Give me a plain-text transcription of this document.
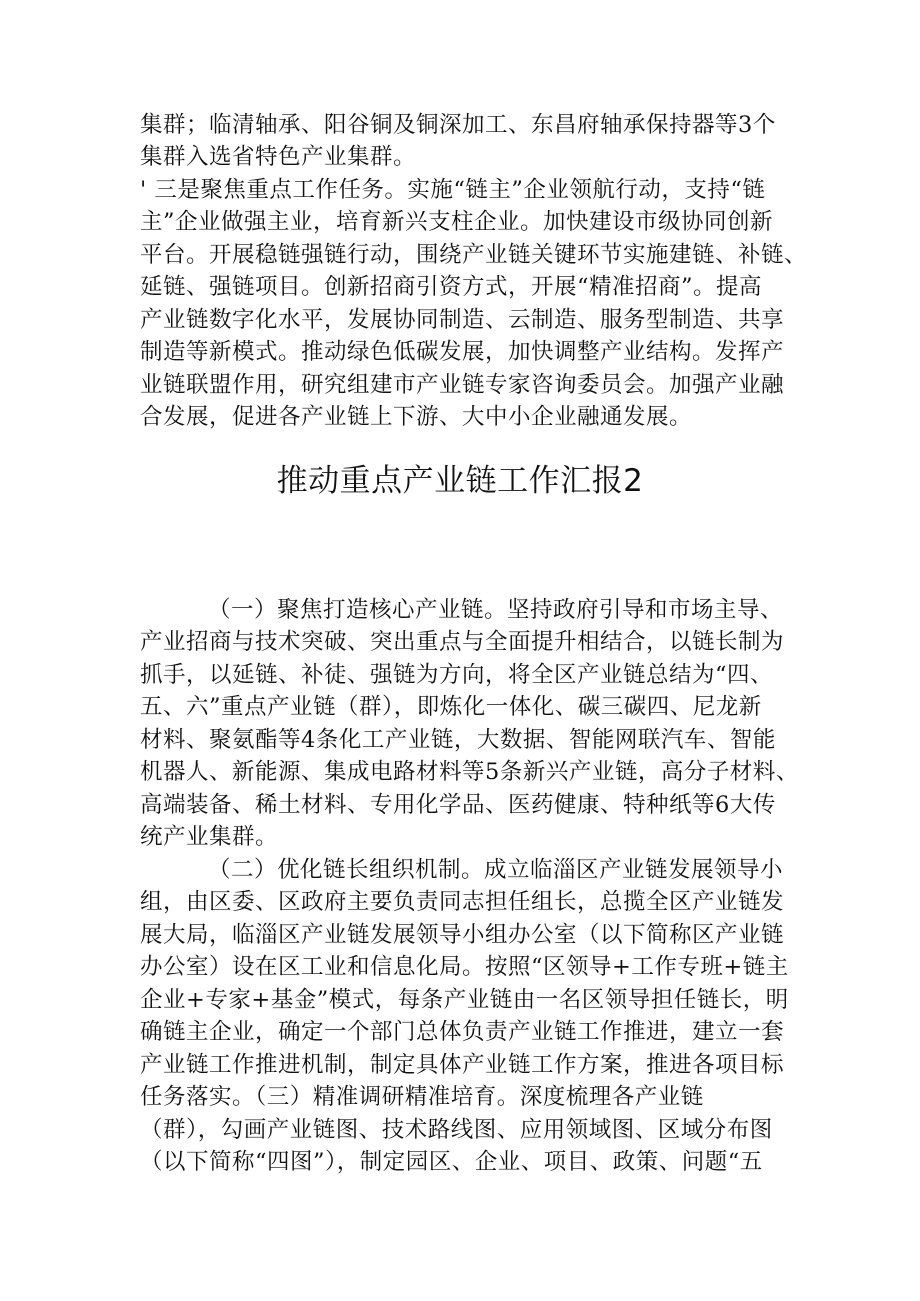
集群；临清轴承、阳谷铜及铜深加工、东昌府轴承保持器等3个
集群入选省特色产业集群。
' 三是聚焦重点工作任务。实施“链主”企业领航行动，支持“链
主”企业做强主业，培育新兴支柱企业。加快建设市级协同创新
平台。开展稳链强链行动，围绕产业链关键环节实施建链、补链、
延链、强链项目。创新招商引资方式，开展“精准招商”。提高
产业链数字化水平，发展协同制造、云制造、服务型制造、共享
制造等新模式。推动绿色低碳发展，加快调整产业结构。发挥产
业链联盟作用，研究组建市产业链专家咨询委员会。加强产业融
合发展，促进各产业链上下游、大中小企业融通发展。
推动重点产业链工作汇报2
（一）聚焦打造核心产业链。坚持政府引导和市场主导、
产业招商与技术突破、突出重点与全面提升相结合，以链长制为
抓手，以延链、补徒、强链为方向，将全区产业链总结为“四、
五、六”重点产业链（群），即炼化一体化、碳三碳四、尼龙新
材料、聚氨酯等4条化工产业链，大数据、智能网联汽车、智能
机器人、新能源、集成电路材料等5条新兴产业链，高分子材料、
高端装备、稀土材料、专用化学品、医药健康、特种纸等6大传
统产业集群。
（二）优化链长组织机制。成立临淄区产业链发展领导小
组，由区委、区政府主要负责同志担任组长，总揽全区产业链发
展大局，临淄区产业链发展领导小组办公室（以下简称区产业链
办公室）设在区工业和信息化局。按照“区领导+工作专班+链主
企业+专家+基金”模式，每条产业链由一名区领导担任链长，明
确链主企业，确定一个部门总体负责产业链工作推进，建立一套
产业链工作推进机制，制定具体产业链工作方案，推进各项目标
任务落实。（三）精准调研精准培育。深度梳理各产业链
（群），勾画产业链图、技术路线图、应用领域图、区域分布图
（以下简称“四图”），制定园区、企业、项目、政策、问题“五
